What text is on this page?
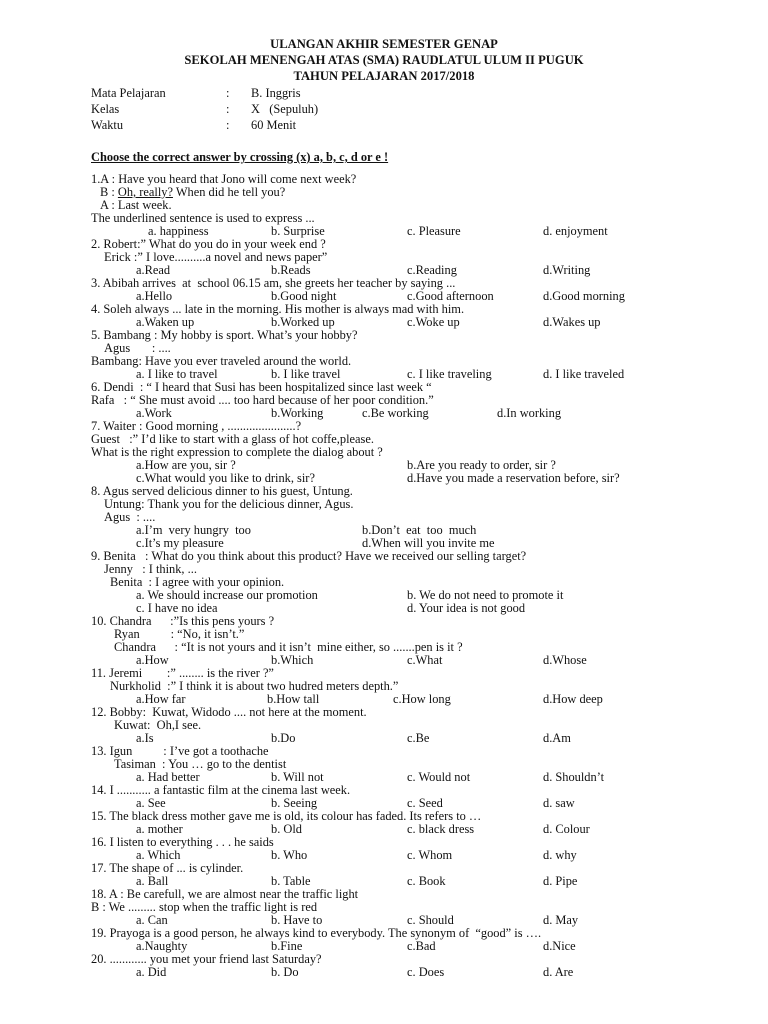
ULANGAN AKHIR SEMESTER GENAP
SEKOLAH MENENGAH ATAS (SMA) RAUDLATUL ULUM II PUGUK
TAHUN PELAJARAN 2017/2018
Mata Pelajaran	: B. Inggris
Kelas	: X   (Sepuluh)
Waktu	: 60 Menit
Choose the correct answer by crossing (x) a, b, c, d or e !
1.A : Have you heard that Jono will come next week?
B : Oh, really? When did he tell you?
A : Last week.
The underlined sentence is used to express ...
a. happiness	b. Surprise	c. Pleasure	d. enjoyment
2. Robert:” What do you do in your week end ?
Erick :” I love..........a novel and news paper”
a.Read	b.Reads	c.Reading	d.Writing
3. Abibah arrives  at  school 06.15 am, she greets her teacher by saying ...
a.Hello	b.Good night	c.Good afternoon	d.Good morning
4. Soleh always ... late in the morning. His mother is always mad with him.
a.Waken up	b.Worked up	c.Woke up	d.Wakes up
5. Bambang : My hobby is sport. What’s your hobby?
Agus       : ....
Bambang: Have you ever traveled around the world.
a. I like to travel	b. I like travel	c. I like traveling	d. I like traveled
6. Dendi  : “ I heard that Susi has been hospitalized since last week “
Rafa   : “ She must avoid .... too hard because of her poor condition.”
a.Work	b.Working	c.Be working	d.In working
7. Waiter : Good morning , ......................?
Guest   :” I’d like to start with a glass of hot coffe,please.
What is the right expression to complete the dialog about ?
a.How are you, sir ?	b.Are you ready to order, sir ?
c.What would you like to drink, sir?	d.Have you made a reservation before, sir?
8. Agus served delicious dinner to his guest, Untung.
Untung: Thank you for the delicious dinner, Agus.
Agus  : ....
a.I’m  very hungry  too	b.Don’t  eat  too  much
c.It’s my pleasure	d.When will you invite me
9. Benita   : What do you think about this product? Have we received our selling target?
Jenny   : I think, ...
Benita  : I agree with your opinion.
a. We should increase our promotion	b. We do not need to promote it
c. I have no idea	d. Your idea is not good
10. Chandra      :”Is this pens yours ?
Ryan          : “No, it isn’t.”
Chandra      : “It is not yours and it isn’t  mine either, so .......pen is it ?
a.How	b.Which	c.What	d.Whose
11. Jeremi        :” ........ is the river ?”
Nurkholid  :” I think it is about two hudred meters depth.”
a.How far	b.How tall	c.How long	d.How deep
12. Bobby:  Kuwat, Widodo .... not here at the moment.
Kuwat:  Oh,I see.
a.Is	b.Do	c.Be	d.Am
13. Igun          : I’ve got a toothache
Tasiman  : You … go to the dentist
a. Had better	b. Will not	c. Would not	d. Shouldn’t
14. I ........... a fantastic film at the cinema last week.
a. See	b. Seeing	c. Seed	d. saw
15. The black dress mother gave me is old, its colour has faded. Its refers to …
a. mother	b. Old	c. black dress	d. Colour
16. I listen to everything . . . he saids
a. Which	b. Who	c. Whom	d. why
17. The shape of ... is cylinder.
a. Ball	b. Table	c. Book	d. Pipe
18. A : Be carefull, we are almost near the traffic light
B : We ......... stop when the traffic light is red
a. Can	b. Have to	c. Should	d. May
19. Prayoga is a good person, he always kind to everybody. The synonym of  “good” is ….
a.Naughty	b.Fine	c.Bad	d.Nice
20. ............ you met your friend last Saturday?
a. Did	b. Do	c. Does	d. Are
